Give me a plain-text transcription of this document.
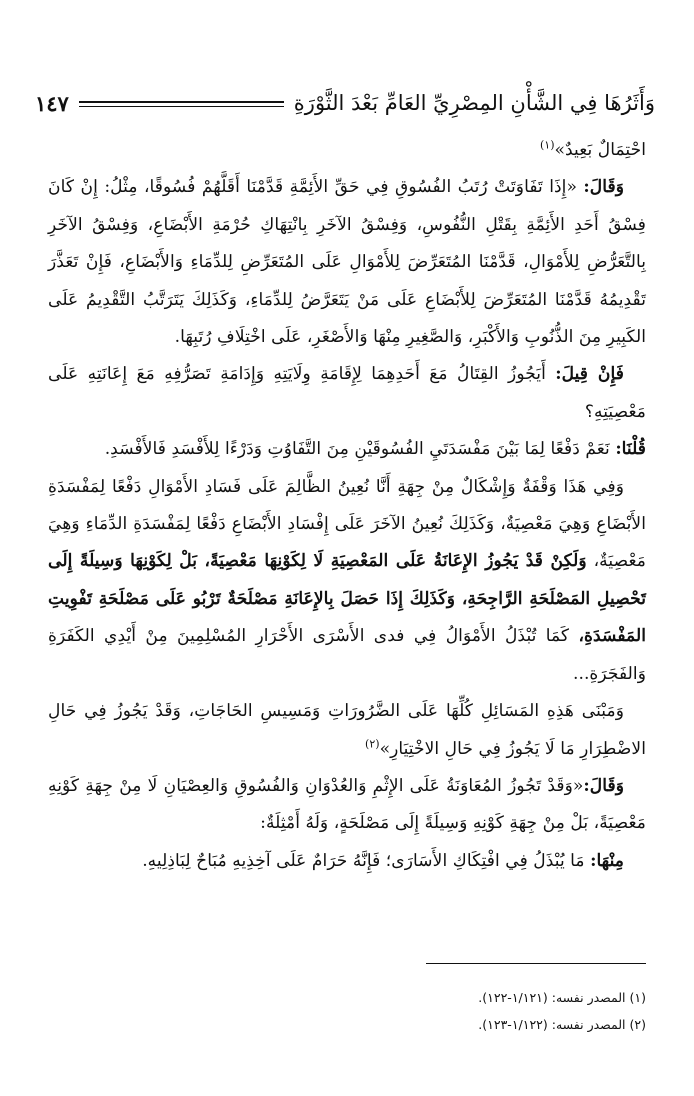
وَأَثَرُهَا فِي الشَّأْنِ المِصْرِيِّ العَامِّ بَعْدَ الثَّوْرَةِ
١٤٧

احْتِمَالٌ بَعِيدٌ»$^{(١)}$

وَقَالَ: «إِذَا تَفَاوَتَتْ رُتَبُ الفُسُوقِ فِي حَقِّ الأَئِمَّةِ قَدَّمْنَا أَقَلَّهُمْ فُسُوقًا، مِثْلُ: إِنْ كَانَ فِسْقُ أَحَدِ الأَئِمَّةِ بِقَتْلِ النُّفُوسِ، وَفِسْقُ الآخَرِ بِانْتِهَاكِ حُرْمَةِ الأَبْضَاعِ، وَفِسْقُ الآخَرِ بِالتَّعَرُّضِ لِلأَمْوَالِ، قَدَّمْنَا المُتَعَرِّضَ لِلأَمْوَالِ عَلَى المُتَعَرِّضِ لِلدِّمَاءِ وَالأَبْضَاعِ، فَإِنْ تَعَذَّرَ تَقْدِيمُهُ قَدَّمْنَا المُتَعَرِّضَ لِلأَبْضَاعِ عَلَى مَنْ يَتَعَرَّضُ لِلدِّمَاءِ، وَكَذَلِكَ يَتَرَتَّبُ التَّقْدِيمُ عَلَى الكَبِيرِ مِنَ الذُّنُوبِ وَالأَكْبَرِ، وَالصَّغِيرِ مِنْهَا وَالأَصْغَرِ، عَلَى اخْتِلَافِ رُتَبِهَا.

فَإِنْ قِيلَ: أَيَجُوزُ القِتَالُ مَعَ أَحَدِهِمَا لِإِقَامَةِ وِلَايَتِهِ وَإِدَامَةِ تَصَرُّفِهِ مَعَ إِعَانَتِهِ عَلَى مَعْصِيَتِهِ؟

قُلْنَا: نَعَمْ دَفْعًا لِمَا بَيْنَ مَفْسَدَتَيِ الفُسُوقَيْنِ مِنَ التَّفَاوُتِ وَدَرْءًا لِلأَفْسَدِ فَالأَفْسَدِ.

وَفِي هَذَا وَقْفَةٌ وَإِشْكَالٌ مِنْ جِهَةِ أَنَّا نُعِينُ الظَّالِمَ عَلَى فَسَادِ الأَمْوَالِ دَفْعًا لِمَفْسَدَةِ الأَبْضَاعِ وَهِيَ مَعْصِيَةٌ، وَكَذَلِكَ نُعِينُ الآخَرَ عَلَى إِفْسَادِ الأَبْضَاعِ دَفْعًا لِمَفْسَدَةِ الدِّمَاءِ وَهِيَ مَعْصِيَةٌ، وَلَكِنْ قَدْ يَجُوزُ الإِعَانَةُ عَلَى المَعْصِيَةِ لَا لِكَوْنِهَا مَعْصِيَةً، بَلْ لِكَوْنِهَا وَسِيلَةً إِلَى تَحْصِيلِ المَصْلَحَةِ الرَّاجِحَةِ، وَكَذَلِكَ إِذَا حَصَلَ بِالإِعَانَةِ مَصْلَحَةٌ تَرْبُو عَلَى مَصْلَحَةِ تَفْوِيتِ المَفْسَدَةِ، كَمَا تُبْذَلُ الأَمْوَالُ فِي فدى الأَسْرَى الأَحْرَارِ المُسْلِمِينَ مِنْ أَيْدِي الكَفَرَةِ وَالفَجَرَةِ...

وَمَبْنَى هَذِهِ المَسَائِلِ كُلِّهَا عَلَى الضَّرُورَاتِ وَمَسِيسِ الحَاجَاتِ، وَقَدْ يَجُوزُ فِي حَالِ الاضْطِرَارِ مَا لَا يَجُوزُ فِي حَالِ الاخْتِيَارِ»$^{(٢)}$

وَقَالَ:«وَقَدْ تَجُوزُ المُعَاوَنَةُ عَلَى الإِثْمِ وَالعُدْوَانِ وَالفُسُوقِ وَالعِصْيَانِ لَا مِنْ جِهَةِ كَوْنِهِ مَعْصِيَةً، بَلْ مِنْ جِهَةِ كَوْنِهِ وَسِيلَةً إِلَى مَصْلَحَةٍ، وَلَهُ أَمْثِلَةٌ:

مِنْهَا: مَا يُبْذَلُ فِي افْتِكَاكِ الأَسَارَى؛ فَإِنَّهُ حَرَامٌ عَلَى آخِذِيهِ مُبَاحٌ لِبَاذِلِيهِ.

(١) المصدر نفسه: (١/١٢١-١٢٢).

(٢) المصدر نفسه: (١/١٢٢-١٢٣).
